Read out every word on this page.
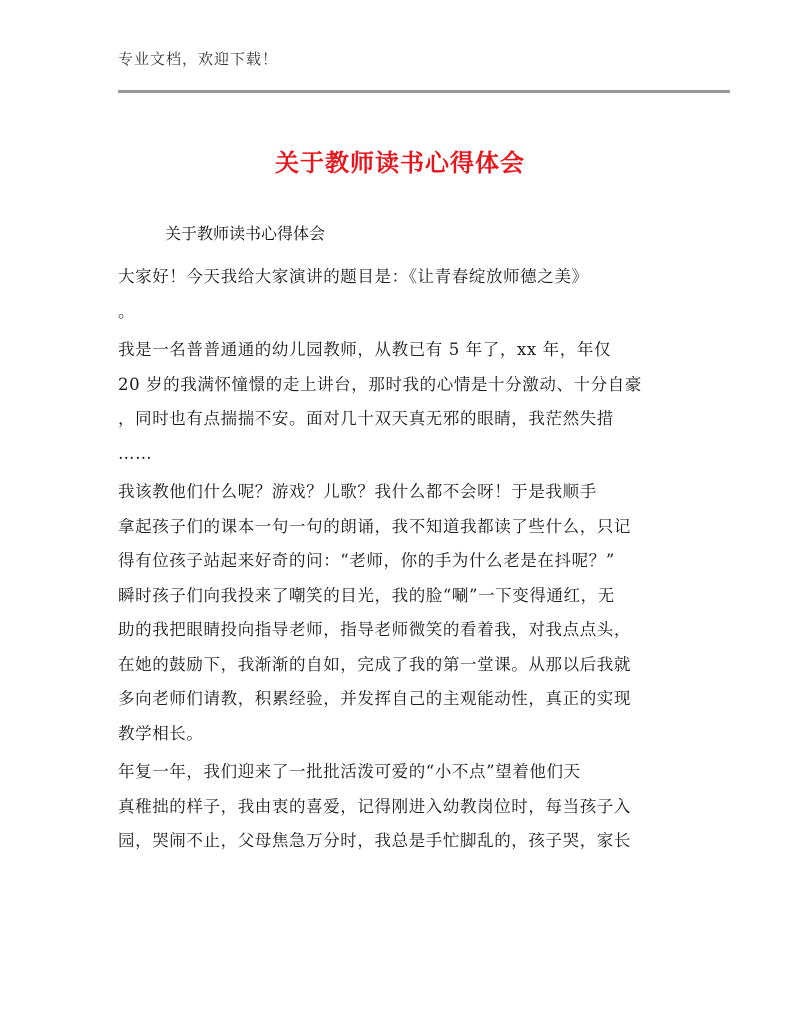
专业文档，欢迎下载！
关于教师读书心得体会
关于教师读书心得体会
大家好！今天我给大家演讲的题目是：《让青春绽放师德之美》
。
我是一名普普通通的幼儿园教师，从教已有 5 年了，xx 年，年仅
20 岁的我满怀憧憬的走上讲台，那时我的心情是十分激动、十分自豪
，同时也有点揣揣不安。面对几十双天真无邪的眼睛，我茫然失措
……
我该教他们什么呢？游戏？儿歌？我什么都不会呀！于是我顺手
拿起孩子们的课本一句一句的朗诵，我不知道我都读了些什么，只记
得有位孩子站起来好奇的问：“老师，你的手为什么老是在抖呢？”
瞬时孩子们向我投来了嘲笑的目光，我的脸“唰”一下变得通红，无
助的我把眼睛投向指导老师，指导老师微笑的看着我，对我点点头，
在她的鼓励下，我渐渐的自如，完成了我的第一堂课。从那以后我就
多向老师们请教，积累经验，并发挥自己的主观能动性，真正的实现
教学相长。
年复一年，我们迎来了一批批活泼可爱的“小不点”望着他们天
真稚拙的样子，我由衷的喜爱，记得刚进入幼教岗位时，每当孩子入
园，哭闹不止，父母焦急万分时，我总是手忙脚乱的，孩子哭，家长
